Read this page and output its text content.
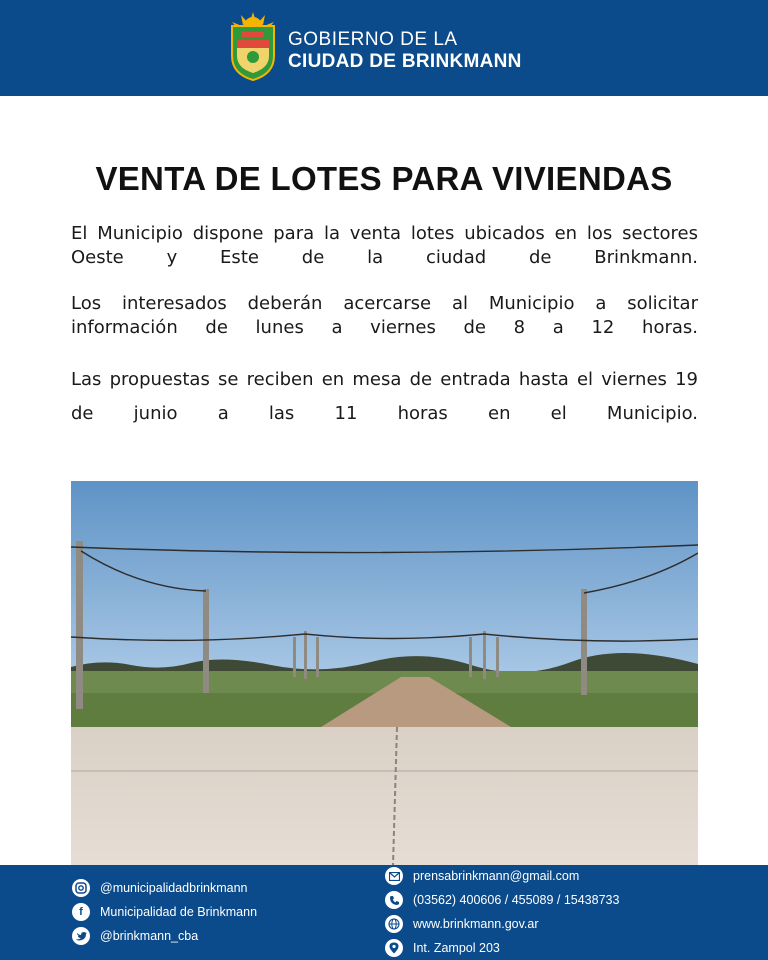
GOBIERNO DE LA
CIUDAD DE BRINKMANN
VENTA DE LOTES PARA VIVIENDAS
El Municipio dispone para la venta lotes ubicados en los sectores Oeste y Este de la ciudad de Brinkmann.
Los interesados deberán acercarse al Municipio a solicitar información de lunes a viernes de 8 a 12 horas.
Las propuestas se reciben en mesa de entrada hasta el viernes 19 de junio a las 11 horas en el Municipio.
@municipalidadbrinkmann
f	Municipalidad de Brinkmann
@brinkmann_cba
prensabrinkmann@gmail.com
(03562) 400606 / 455089 / 15438733
www.brinkmann.gov.ar
Int. Zampol 203
